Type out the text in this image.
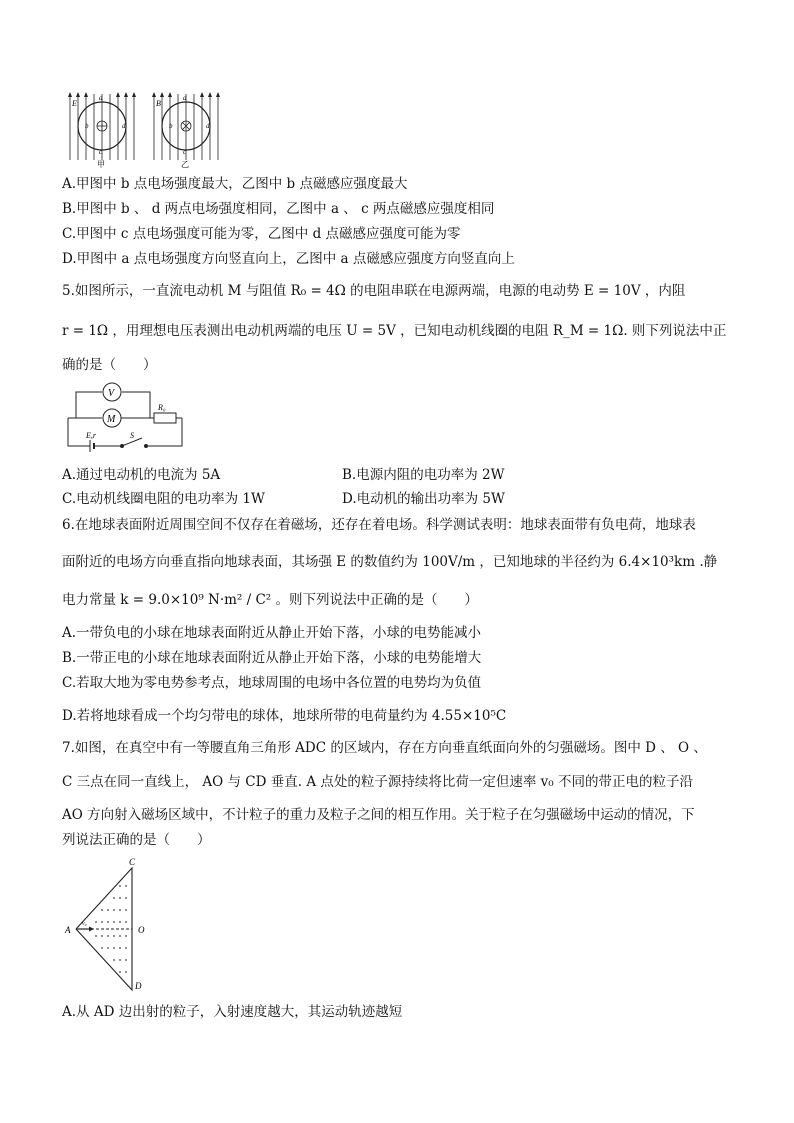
E
a
b	d
c
甲
B
a
b	d
c
乙
A.甲图中 b 点电场强度最大，乙图中 b 点磁感应强度最大
B.甲图中 b 、 d 两点电场强度相同，乙图中 a 、 c 两点磁感应强度相同
C.甲图中 c 点电场强度可能为零，乙图中 d 点磁感应强度可能为零
D.甲图中 a 点电场强度方向竖直向上，乙图中 a 点磁感应强度方向竖直向上
5.如图所示，一直流电动机 M 与阻值 R₀ = 4Ω 的电阻串联在电源两端，电源的电动势 E = 10V ，内阻
r = 1Ω ，用理想电压表测出电动机两端的电压 U = 5V ，已知电动机线圈的电阻 R_M = 1Ω. 则下列说法中正
确的是（　　）
V
M
R₀
E,r	S
A.通过电动机的电流为 5A	B.电源内阻的电功率为 2W
C.电动机线圈电阻的电功率为 1W	D.电动机的输出功率为 5W
6.在地球表面附近周围空间不仅存在着磁场，还存在着电场。科学测试表明：地球表面带有负电荷，地球表
面附近的电场方向垂直指向地球表面，其场强 E 的数值约为 100V/m ，已知地球的半径约为 6.4×10³km .静
电力常量 k = 9.0×10⁹ N·m² / C² 。则下列说法中正确的是（　　）
A.一带负电的小球在地球表面附近从静止开始下落，小球的电势能减小
B.一带正电的小球在地球表面附近从静止开始下落，小球的电势能增大
C.若取大地为零电势参考点，地球周围的电场中各位置的电势均为负值
D.若将地球看成一个均匀带电的球体，地球所带的电荷量约为 4.55×10⁵C
7.如图，在真空中有一等腰直角三角形 ADC 的区域内，存在方向垂直纸面向外的匀强磁场。图中 D 、 O 、
C 三点在同一直线上， AO 与 CD 垂直. A 点处的粒子源持续将比荷一定但速率 v₀ 不同的带正电的粒子沿
AO 方向射入磁场区域中，不计粒子的重力及粒子之间的相互作用。关于粒子在匀强磁场中运动的情况，下
列说法正确的是（　　）
v₀
A
C
D
O
A.从 AD 边出射的粒子，入射速度越大，其运动轨迹越短
